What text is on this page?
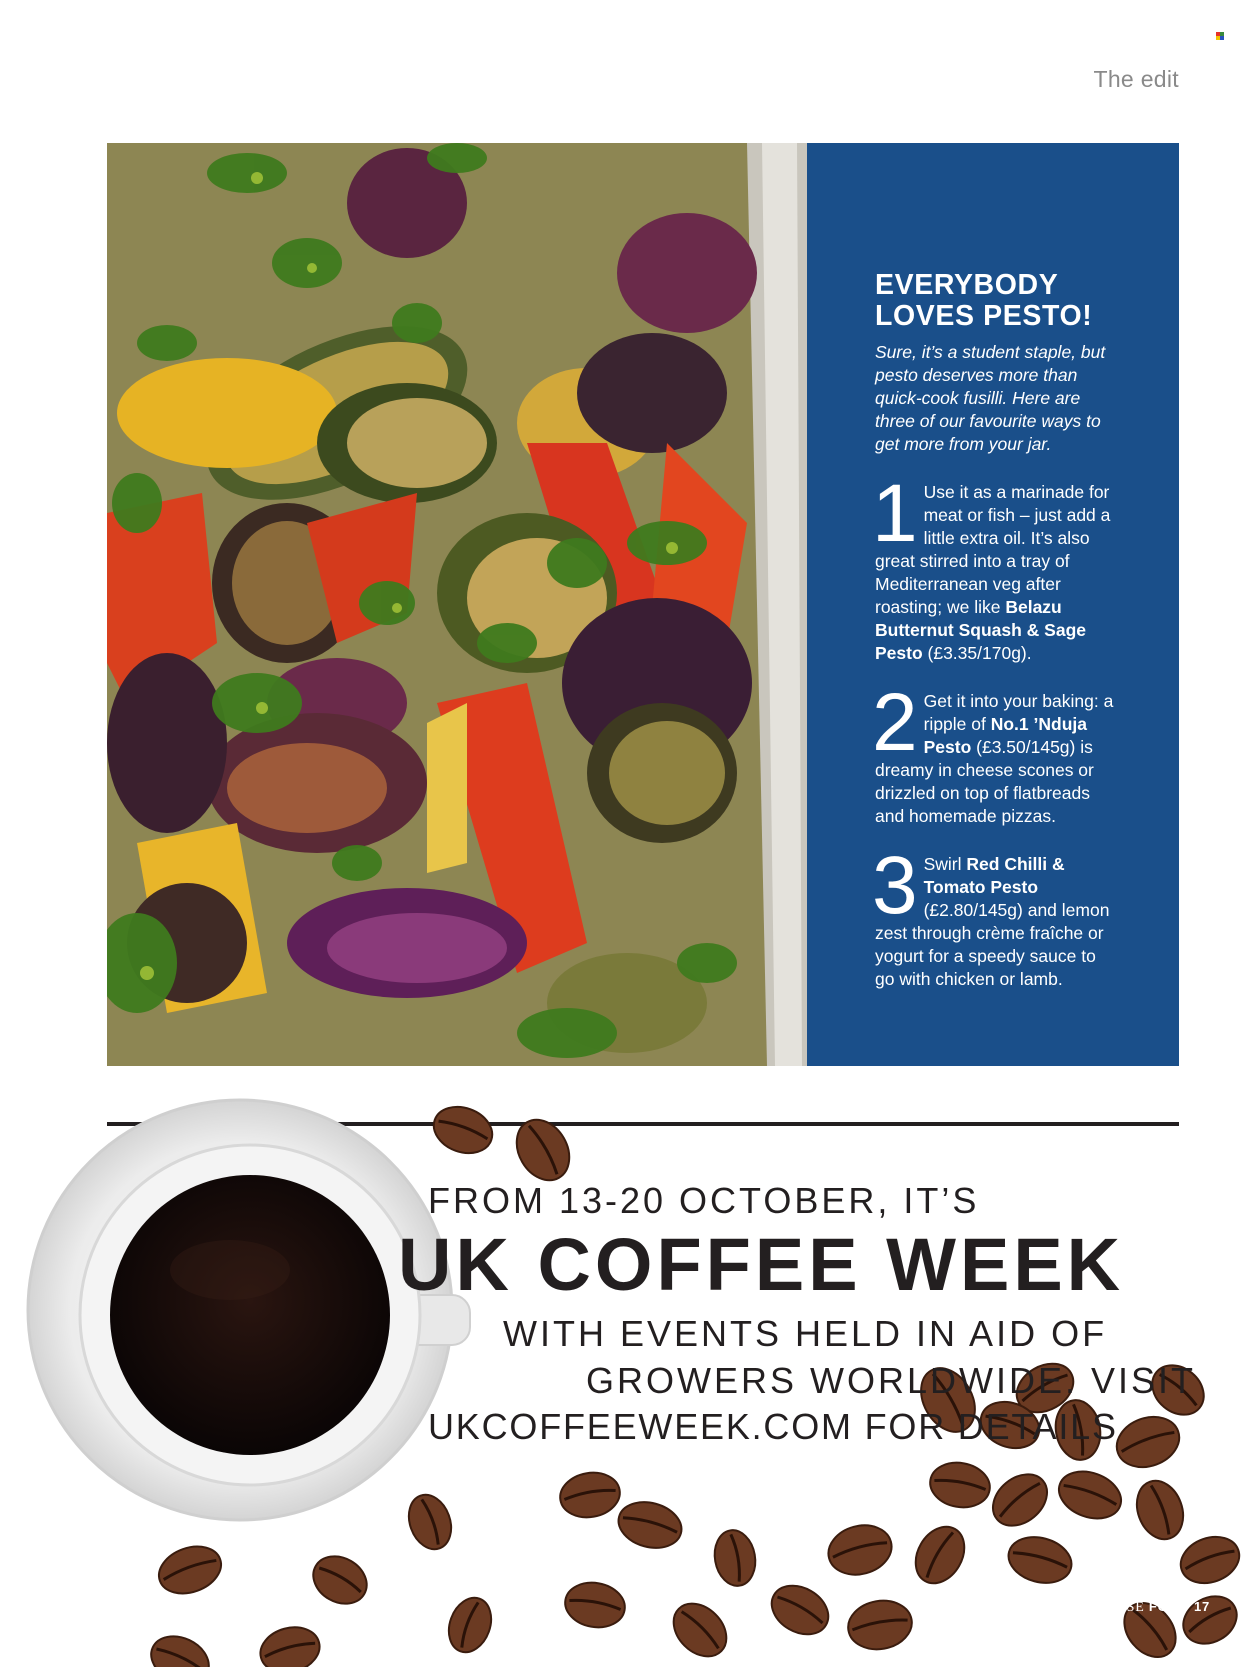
The edit
EVERYBODY
LOVES PESTO!
Sure, it’s a student staple, but pesto deserves more than quick-cook fusilli. Here are three of our favourite ways to get more from your jar.
1 Use it as a marinade for meat or fish – just add a little extra oil. It’s also great stirred into a tray of Mediterranean veg after roasting; we like Belazu Butternut Squash & Sage Pesto (£3.35/170g).
2 Get it into your baking: a ripple of No.1 ’Nduja Pesto (£3.50/145g) is dreamy in cheese scones or drizzled on top of flatbreads and homemade pizzas.
3 Swirl Red Chilli & Tomato Pesto (£2.80/145g) and lemon zest through crème fraîche or yogurt for a speedy sauce to go with chicken or lamb.
FROM 13-20 OCTOBER, IT’S
UK COFFEE WEEK
WITH EVENTS HELD IN AID OF
GROWERS WORLDWIDE. VISIT
UKCOFFEEWEEK.COM FOR DETAILS
OCTOBER 2025 • WAITROSE FOOD 17
